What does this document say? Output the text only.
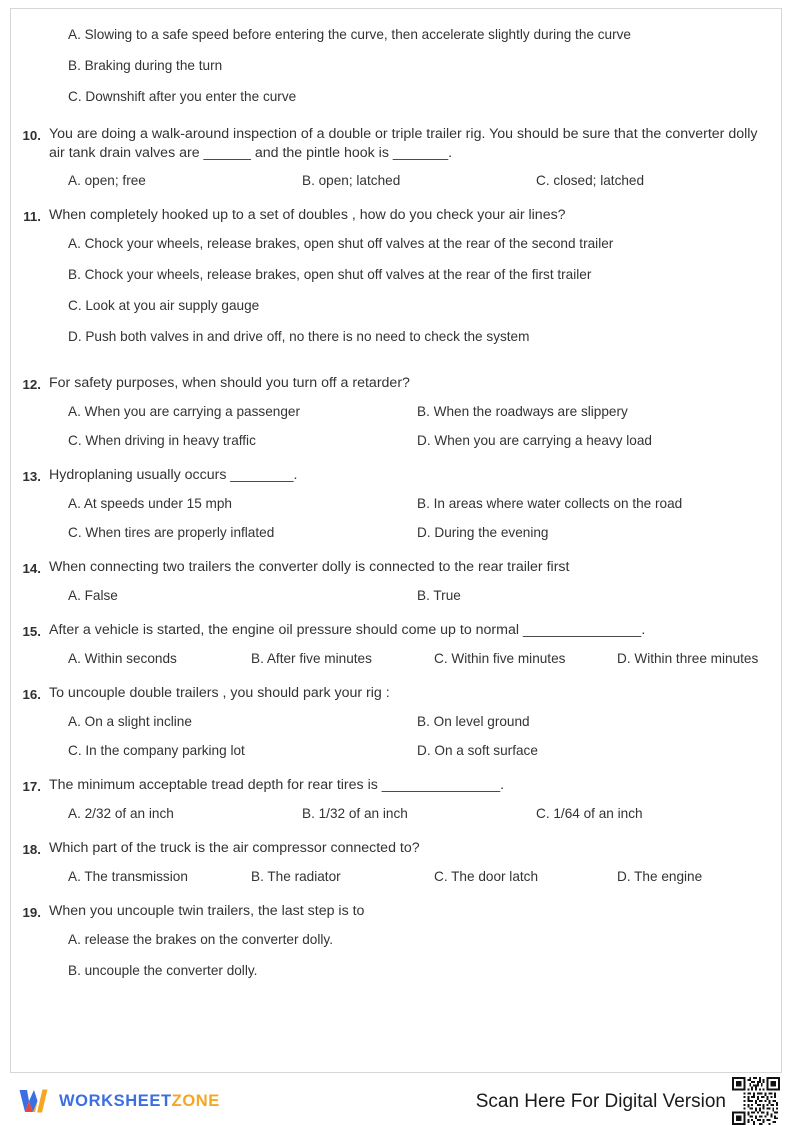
A. Slowing to a safe speed before entering the curve, then accelerate slightly during the curve
B. Braking during the turn
C. Downshift after you enter the curve
10. You are doing a walk-around inspection of a double or triple trailer rig. You should be sure that the converter dolly air tank drain valves are ______ and the pintle hook is _______.
A. open; free	B. open; latched	C. closed; latched
11. When completely hooked up to a set of doubles , how do you check your air lines?
A. Chock your wheels, release brakes, open shut off valves at the rear of the second trailer
B. Chock your wheels, release brakes, open shut off valves at the rear of the first trailer
C. Look at you air supply gauge
D. Push both valves in and drive off, no there is no need to check the system
12. For safety purposes, when should you turn off a retarder?
A. When you are carrying a passenger	B. When the roadways are slippery
C. When driving in heavy traffic	D. When you are carrying a heavy load
13. Hydroplaning usually occurs ________.
A. At speeds under 15 mph	B. In areas where water collects on the road
C. When tires are properly inflated	D. During the evening
14. When connecting two trailers the converter dolly is connected to the rear trailer first
A. False	B. True
15. After a vehicle is started, the engine oil pressure should come up to normal _______________.
A. Within seconds	B. After five minutes	C. Within five minutes	D. Within three minutes
16. To uncouple double trailers , you should park your rig :
A. On a slight incline	B. On level ground
C. In the company parking lot	D. On a soft surface
17. The minimum acceptable tread depth for rear tires is _______________.
A. 2/32 of an inch	B. 1/32 of an inch	C. 1/64 of an inch
18. Which part of the truck is the air compressor connected to?
A. The transmission	B. The radiator	C. The door latch	D. The engine
19. When you uncouple twin trailers, the last step is to
A. release the brakes on the converter dolly.
B. uncouple the converter dolly.
WORKSHEETZONE	Scan Here For Digital Version
